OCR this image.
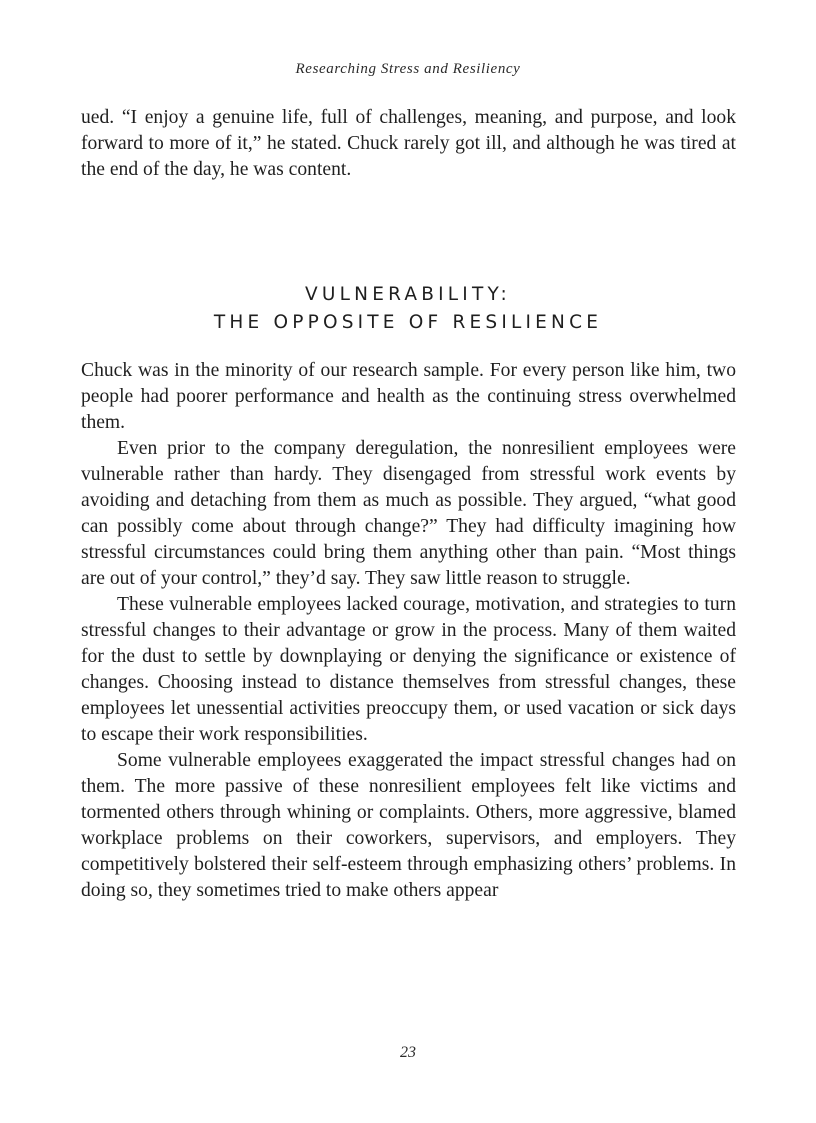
Researching Stress and Resiliency

ued. “I enjoy a genuine life, full of challenges, meaning, and purpose, and look forward to more of it,” he stated. Chuck rarely got ill, and although he was tired at the end of the day, he was content.

VULNERABILITY:
THE OPPOSITE OF RESILIENCE

Chuck was in the minority of our research sample. For every person like him, two people had poorer performance and health as the continuing stress overwhelmed them.

Even prior to the company deregulation, the nonresilient employees were vulnerable rather than hardy. They disengaged from stressful work events by avoiding and detaching from them as much as possible. They argued, “what good can possibly come about through change?” They had difficulty imagining how stressful circumstances could bring them anything other than pain. “Most things are out of your control,” they’d say. They saw little reason to struggle.

These vulnerable employees lacked courage, motivation, and strategies to turn stressful changes to their advantage or grow in the process. Many of them waited for the dust to settle by downplaying or denying the significance or existence of changes. Choosing instead to distance themselves from stressful changes, these employees let unessential activities preoccupy them, or used vacation or sick days to escape their work responsibilities.

Some vulnerable employees exaggerated the impact stressful changes had on them. The more passive of these nonresilient employees felt like victims and tormented others through whining or complaints. Others, more aggressive, blamed workplace problems on their coworkers, supervisors, and employers. They competitively bolstered their self-esteem through emphasizing others’ problems. In doing so, they sometimes tried to make others appear

23
